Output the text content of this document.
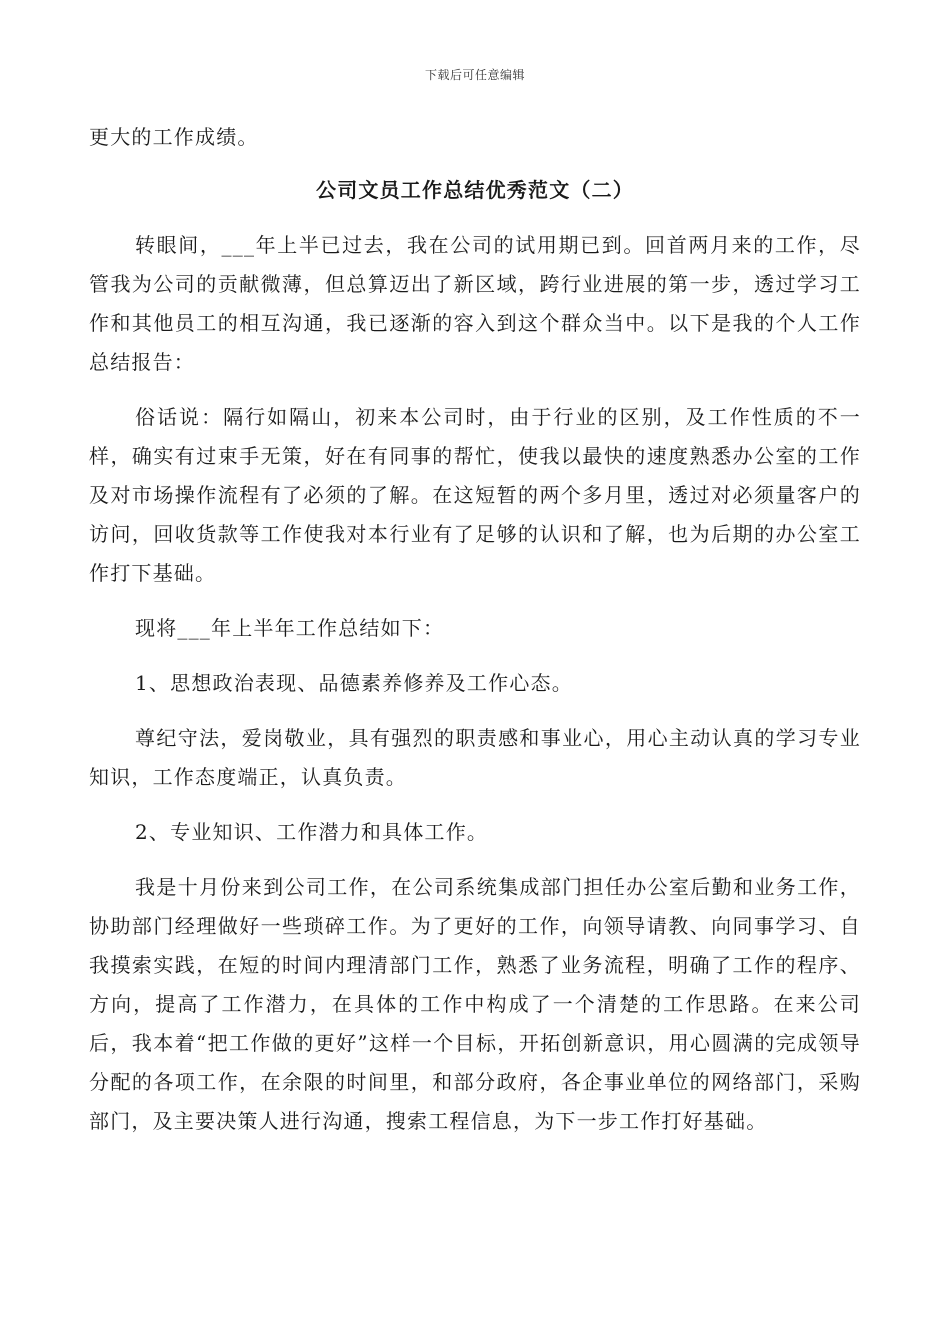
下载后可任意编辑

更大的工作成绩。

公司文员工作总结优秀范文（二）

转眼间，___年上半已过去，我在公司的试用期已到。回首两月来的工作，尽管我为公司的贡献微薄，但总算迈出了新区域，跨行业进展的第一步，透过学习工作和其他员工的相互沟通，我已逐渐的容入到这个群众当中。以下是我的个人工作总结报告：

俗话说：隔行如隔山，初来本公司时，由于行业的区别，及工作性质的不一样，确实有过束手无策，好在有同事的帮忙，使我以最快的速度熟悉办公室的工作及对市场操作流程有了必须的了解。在这短暂的两个多月里，透过对必须量客户的访问，回收货款等工作使我对本行业有了足够的认识和了解，也为后期的办公室工作打下基础。

现将___年上半年工作总结如下：

1、思想政治表现、品德素养修养及工作心态。

尊纪守法，爱岗敬业，具有强烈的职责感和事业心，用心主动认真的学习专业知识，工作态度端正，认真负责。

2、专业知识、工作潜力和具体工作。

我是十月份来到公司工作，在公司系统集成部门担任办公室后勤和业务工作，协助部门经理做好一些琐碎工作。为了更好的工作，向领导请教、向同事学习、自我摸索实践，在短的时间内理清部门工作，熟悉了业务流程，明确了工作的程序、方向，提高了工作潜力，在具体的工作中构成了一个清楚的工作思路。在来公司后，我本着“把工作做的更好”这样一个目标，开拓创新意识，用心圆满的完成领导分配的各项工作，在余限的时间里，和部分政府，各企事业单位的网络部门，采购部门，及主要决策人进行沟通，搜索工程信息，为下一步工作打好基础。
